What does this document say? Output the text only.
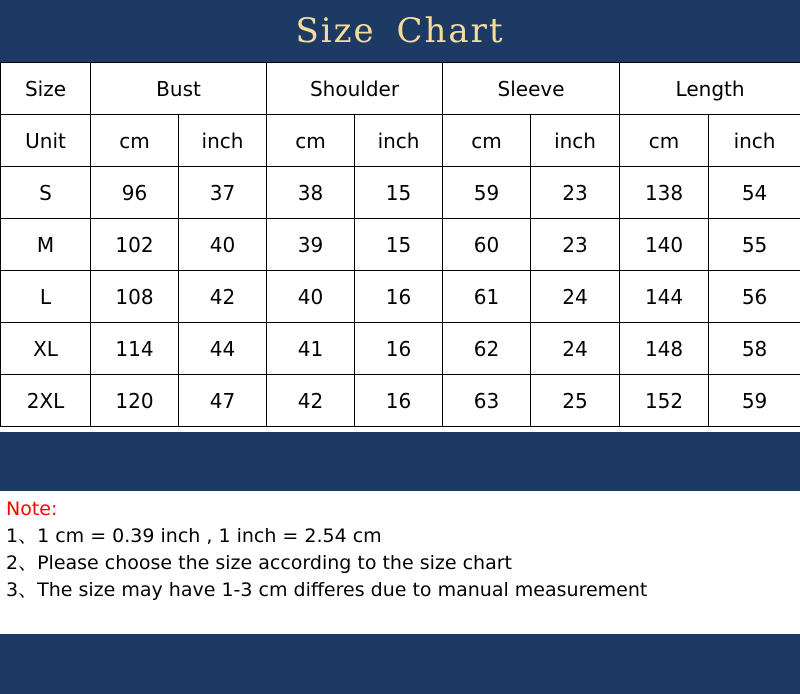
Size Chart
Size	Bust		Shoulder		Sleeve		Length	
Unit	cm	inch	cm	inch	cm	inch	cm	inch
S	96	37	38	15	59	23	138	54
M	102	40	39	15	60	23	140	55
L	108	42	40	16	61	24	144	56
XL	114	44	41	16	62	24	148	58
2XL	120	47	42	16	63	25	152	59
Note:
1、1 cm = 0.39 inch , 1 inch = 2.54 cm
2、Please choose the size according to the size chart
3、The size may have 1-3 cm differes due to manual measurement
